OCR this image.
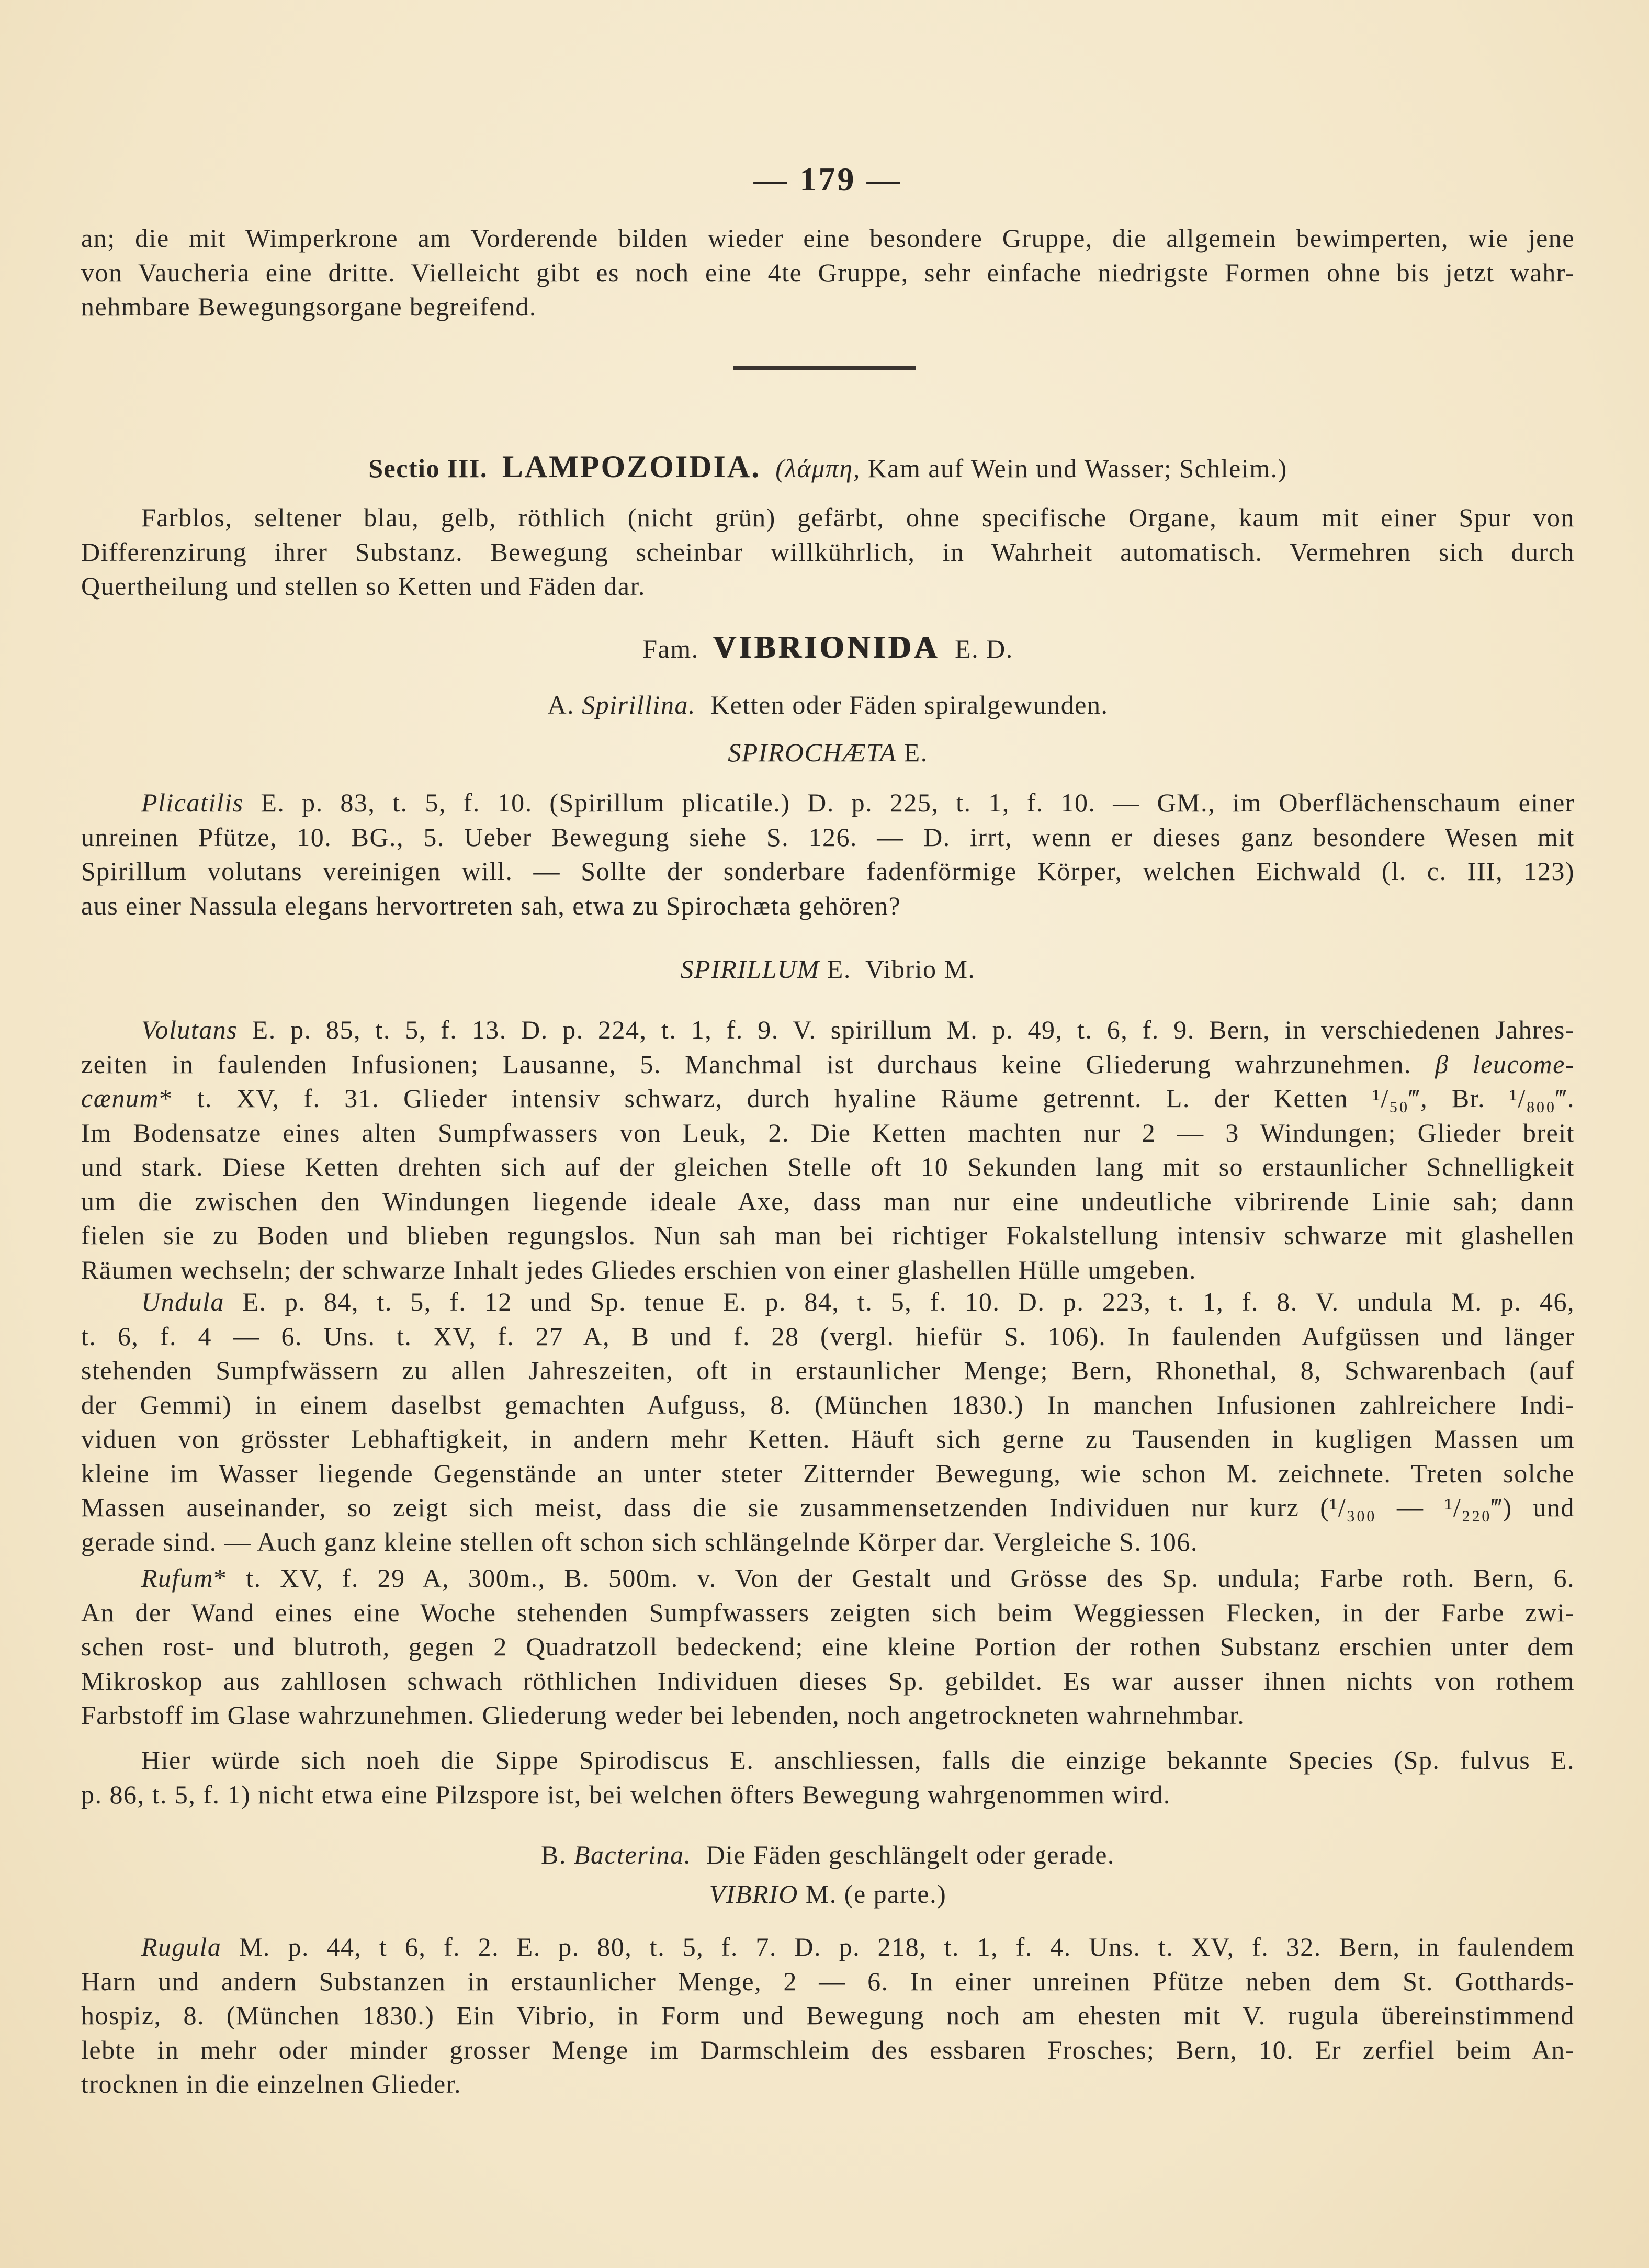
— 179 —
an; die mit Wimperkrone am Vorderende bilden wieder eine besondere Gruppe, die allgemein bewimperten, wie jene
von Vaucheria eine dritte. Vielleicht gibt es noch eine 4te Gruppe, sehr einfache niedrigste Formen ohne bis jetzt wahr-
nehmbare Bewegungsorgane begreifend.
Sectio III. LAMPOZOIDIA. (λάμπη, Kam auf Wein und Wasser; Schleim.)
Farblos, seltener blau, gelb, röthlich (nicht grün) gefärbt, ohne specifische Organe, kaum mit einer Spur von
Differenzirung ihrer Substanz. Bewegung scheinbar willkührlich, in Wahrheit automatisch. Vermehren sich durch
Quertheilung und stellen so Ketten und Fäden dar.
Fam. VIBRIONIDA E. D.
A. Spirillina. Ketten oder Fäden spiralgewunden.
SPIROCHÆTA E.
Plicatilis E. p. 83, t. 5, f. 10. (Spirillum plicatile.) D. p. 225, t. 1, f. 10. — GM., im Oberflächenschaum einer
unreinen Pfütze, 10. BG., 5. Ueber Bewegung siehe S. 126. — D. irrt, wenn er dieses ganz besondere Wesen mit
Spirillum volutans vereinigen will. — Sollte der sonderbare fadenförmige Körper, welchen Eichwald (l. c. III, 123)
aus einer Nassula elegans hervortreten sah, etwa zu Spirochæta gehören?
SPIRILLUM E. Vibrio M.
Volutans E. p. 85, t. 5, f. 13. D. p. 224, t. 1, f. 9. V. spirillum M. p. 49, t. 6, f. 9. Bern, in verschiedenen Jahres-
zeiten in faulenden Infusionen; Lausanne, 5. Manchmal ist durchaus keine Gliederung wahrzunehmen. β leucome-
cænum* t. XV, f. 31. Glieder intensiv schwarz, durch hyaline Räume getrennt. L. der Ketten ¹/₅₀‴, Br. ¹/₈₀₀‴.
Im Bodensatze eines alten Sumpfwassers von Leuk, 2. Die Ketten machten nur 2 — 3 Windungen; Glieder breit
und stark. Diese Ketten drehten sich auf der gleichen Stelle oft 10 Sekunden lang mit so erstaunlicher Schnelligkeit
um die zwischen den Windungen liegende ideale Axe, dass man nur eine undeutliche vibrirende Linie sah; dann
fielen sie zu Boden und blieben regungslos. Nun sah man bei richtiger Fokalstellung intensiv schwarze mit glashellen
Räumen wechseln; der schwarze Inhalt jedes Gliedes erschien von einer glashellen Hülle umgeben.
Undula E. p. 84, t. 5, f. 12 und Sp. tenue E. p. 84, t. 5, f. 10. D. p. 223, t. 1, f. 8. V. undula M. p. 46,
t. 6, f. 4 — 6. Uns. t. XV, f. 27 A, B und f. 28 (vergl. hiefür S. 106). In faulenden Aufgüssen und länger
stehenden Sumpfwässern zu allen Jahreszeiten, oft in erstaunlicher Menge; Bern, Rhonethal, 8, Schwarenbach (auf
der Gemmi) in einem daselbst gemachten Aufguss, 8. (München 1830.) In manchen Infusionen zahlreichere Indi-
viduen von grösster Lebhaftigkeit, in andern mehr Ketten. Häuft sich gerne zu Tausenden in kugligen Massen um
kleine im Wasser liegende Gegenstände an unter steter Zitternder Bewegung, wie schon M. zeichnete. Treten solche
Massen auseinander, so zeigt sich meist, dass die sie zusammensetzenden Individuen nur kurz (¹/₃₀₀ — ¹/₂₂₀‴) und
gerade sind. — Auch ganz kleine stellen oft schon sich schlängelnde Körper dar. Vergleiche S. 106.
Rufum* t. XV, f. 29 A, 300m., B. 500m. v. Von der Gestalt und Grösse des Sp. undula; Farbe roth. Bern, 6.
An der Wand eines eine Woche stehenden Sumpfwassers zeigten sich beim Weggiessen Flecken, in der Farbe zwi-
schen rost- und blutroth, gegen 2 Quadratzoll bedeckend; eine kleine Portion der rothen Substanz erschien unter dem
Mikroskop aus zahllosen schwach röthlichen Individuen dieses Sp. gebildet. Es war ausser ihnen nichts von rothem
Farbstoff im Glase wahrzunehmen. Gliederung weder bei lebenden, noch angetrockneten wahrnehmbar.
Hier würde sich noeh die Sippe Spirodiscus E. anschliessen, falls die einzige bekannte Species (Sp. fulvus E.
p. 86, t. 5, f. 1) nicht etwa eine Pilzspore ist, bei welchen öfters Bewegung wahrgenommen wird.
B. Bacterina. Die Fäden geschlängelt oder gerade.
VIBRIO M. (e parte.)
Rugula M. p. 44, t 6, f. 2. E. p. 80, t. 5, f. 7. D. p. 218, t. 1, f. 4. Uns. t. XV, f. 32. Bern, in faulendem
Harn und andern Substanzen in erstaunlicher Menge, 2 — 6. In einer unreinen Pfütze neben dem St. Gotthards-
hospiz, 8. (München 1830.) Ein Vibrio, in Form und Bewegung noch am ehesten mit V. rugula übereinstimmend
lebte in mehr oder minder grosser Menge im Darmschleim des essbaren Frosches; Bern, 10. Er zerfiel beim An-
trocknen in die einzelnen Glieder.
